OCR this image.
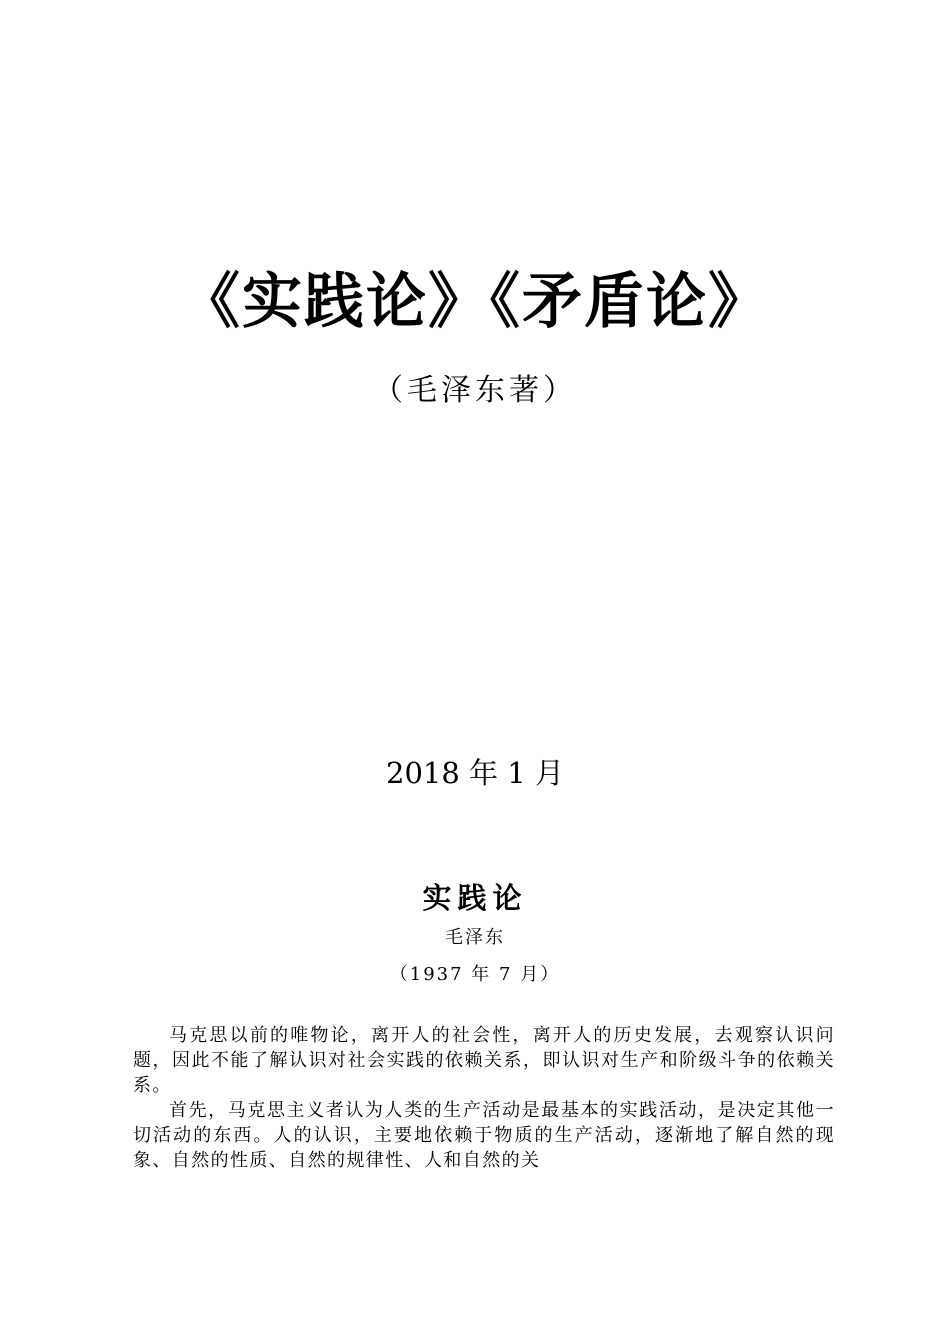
《实践论》《矛盾论》
（毛泽东著）
2018 年 1 月
实践论
毛泽东
（1937 年 7 月）

马克思以前的唯物论，离开人的社会性，离开人的历史发展，去观察认识问题，因此不能了解认识对社会实践的依赖关系，即认识对生产和阶级斗争的依赖关系。

首先，马克思主义者认为人类的生产活动是最基本的实践活动，是决定其他一切活动的东西。人的认识，主要地依赖于物质的生产活动，逐渐地了解自然的现象、自然的性质、自然的规律性、人和自然的关
